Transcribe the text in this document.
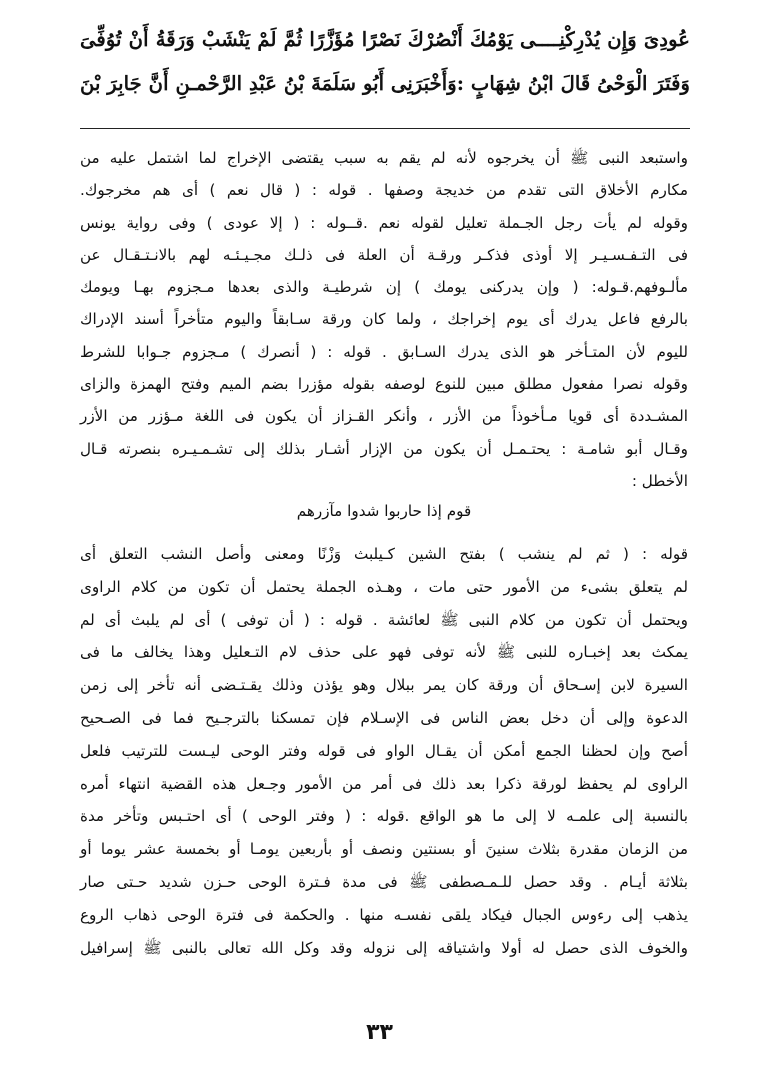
عُودِىَ وَإِن يُدْرِكْنِــــى يَوْمُكَ أَنْصُرْكَ نَصْرًا مُؤَزَّرًا ثُمَّ لَمْ يَنْشَبْ وَرَقَةُ أَنْ تُوُفِّىَ
وَفَتَرَ الْوَحْىُ قَالَ ابْنُ شِهَابٍ :وَأَخْبَرَنِى أَبُو سَلَمَةَ بْنُ عَبْدِ الرَّحْمـنِ أَنَّ جَابِرَ بْنَ
واستبعد النبى ﷺ أن يخرجوه لأنه لم يقم به سبب يقتضى الإخراج لما اشتمل عليه من
مكارم الأخلاق التى تقدم من خديجة وصفها . قوله : ( قال نعم ) أى هم مخرجوك.
وقوله لم يأت رجل الجـملة تعليل لقوله نعم .قــوله : ( إلا عودى ) وفى رواية يونس
فى التـفـسـيـر إلا أوذى فذكـر ورقـة أن العلة فى ذلـك مجـيـئـه لهم بالانـتـقـال عن
مألـوفهم.قـوله: ( وإن يدركنى يومك ) إن شرطيـة والذى بعدها مـجزوم بهـا ويومك
بالرفع فاعل يدرك أى يوم إخراجك ، ولما كان ورقة سـابقاً واليوم متأخراً أسند الإدراك
لليوم لأن المتـأخر هو الذى يدرك السـابق . قوله : ( أنصرك ) مـجزوم جـوابا للشرط
وقوله نصرا مفعول مطلق مبين للنوع لوصفه بقوله مؤزرا بضم الميم وفتح الهمزة والزاى
المشـددة أى قويا مـأخوذاً من الأزر ، وأنكر القـزاز أن يكون فى اللغة مـؤزر من الأزر
وقـال أبو شامـة : يحتـمـل أن يكون من الإزار أشـار بذلك إلى تشـمـيـره بنصرته قـال
الأخطل :
قوم إذا حاربوا شدوا مآزرهم
قوله : ( ثم لم ينشب ) بفتح الشين كـيلبث وَزْنًا ومعنى وأصل النشب التعلق أى
لم يتعلق بشىء من الأمور حتى مات ، وهـذه الجملة يحتمل أن تكون من كلام الراوى
ويحتمل أن تكون من كلام النبى ﷺ لعائشة . قوله : ( أن توفى ) أى لم يلبث أى لم
يمكث بعد إخبـاره للنبى ﷺ لأنه توفى فهو على حذف لام التـعليل وهذا يخالف ما فى
السيرة لابن إسـحاق أن ورقة كان يمر ببلال وهو يؤذن وذلك يقـتـضى أنه تأخر إلى زمن
الدعوة وإلى أن دخل بعض الناس فى الإسـلام فإن تمسكنا بالترجـيح فما فى الصـحيح
أصح وإن لحظنا الجمع أمكن أن يقـال الواو فى قوله وفتر الوحى ليـست للترتيب فلعل
الراوى لم يحفظ لورقة ذكرا بعد ذلك فى أمر من الأمور وجـعل هذه القضية انتهاء أمره
بالنسبة إلى علمـه لا إلى ما هو الواقع .قوله : ( وفتر الوحى ) أى احتـبس وتأخر مدة
من الزمان مقدرة بثلاث سنينَ أو بسنتين ونصف أو بأربعين يومـا أو بخمسة عشر يوما أو
بثلاثة أيـام . وقد حصل للـمـصطفى ﷺ فى مدة فـترة الوحى حـزن شديد حـتى صار
يذهب إلى رءوس الجبال فيكاد يلقى نفسـه منها . والحكمة فى فترة الوحى ذهاب الروع
والخوف الذى حصل له أولا واشتياقه إلى نزوله وقد وكل الله تعالى بالنبى ﷺ إسرافيل
٣٣
